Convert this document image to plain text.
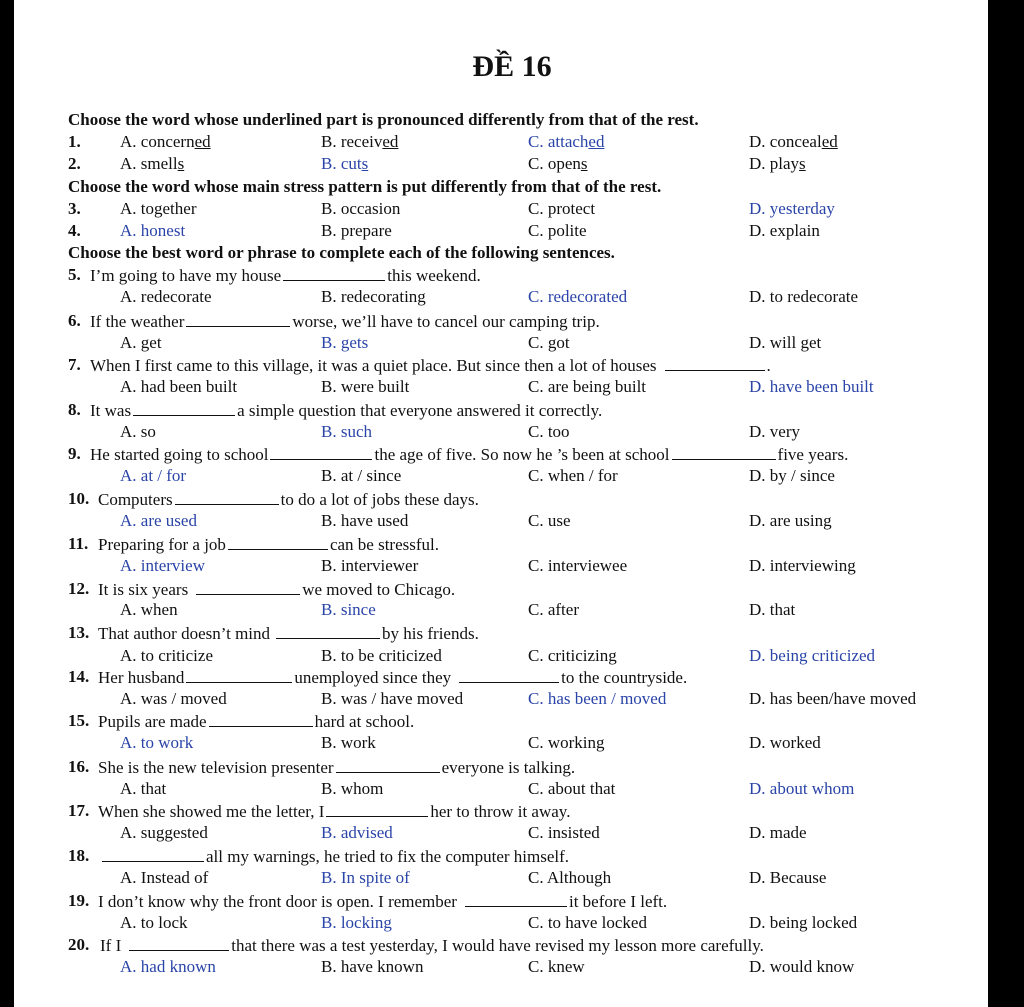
ĐỀ 16
Choose the word whose underlined part is pronounced differently from that of the rest.
1. A. concerned	B. received	C. attached	D. concealed
2. A. smells	B. cuts	C. opens	D. plays
Choose the word whose main stress pattern is put differently from that of the rest.
3. A. together	B. occasion	C. protect	D. yesterday
4. A. honest	B. prepare	C. polite	D. explain
Choose the best word or phrase to complete each of the following sentences.
5. I’m going to have my house	this weekend.
A. redecorate	B. redecorating	C. redecorated	D. to redecorate
6. If the weather	worse, we’ll have to cancel our camping trip.
A. get	B. gets	C. got	D. will get
7. When I first came to this village, it was a quiet place. But since then a lot of houses	.
A. had been built	B. were built	C. are being built	D. have been built
8. It was	a simple question that everyone answered it correctly.
A. so	B. such	C. too	D. very
9. He started going to school	the age of five. So now he ’s been at school	five years.
A. at / for	B. at / since	C. when / for	D. by / since
10. Computers	to do a lot of jobs these days.
A. are used	B. have used	C. use	D. are using
11. Preparing for a job	can be stressful.
A. interview	B. interviewer	C. interviewee	D. interviewing
12. It is six years	we moved to Chicago.
A. when	B. since	C. after	D. that
13. That author doesn’t mind	by his friends.
A. to criticize	B. to be criticized	C. criticizing	D. being criticized
14. Her husband	unemployed since they	to the countryside.
A. was / moved	B. was / have moved	C. has been / moved	D. has been/have moved
15. Pupils are made	hard at school.
A. to work	B. work	C. working	D. worked
16. She is the new television presenter	everyone is talking.
A. that	B. whom	C. about that	D. about whom
17. When she showed me the letter, I	her to throw it away.
A. suggested	B. advised	C. insisted	D. made
18.	all my warnings, he tried to fix the computer himself.
A. Instead of	B. In spite of	C. Although	D. Because
19. I don’t know why the front door is open. I remember	it before I left.
A. to lock	B. locking	C. to have locked	D. being locked
20. If I	that there was a test yesterday, I would have revised my lesson more carefully.
A. had known	B. have known	C. knew	D. would know
